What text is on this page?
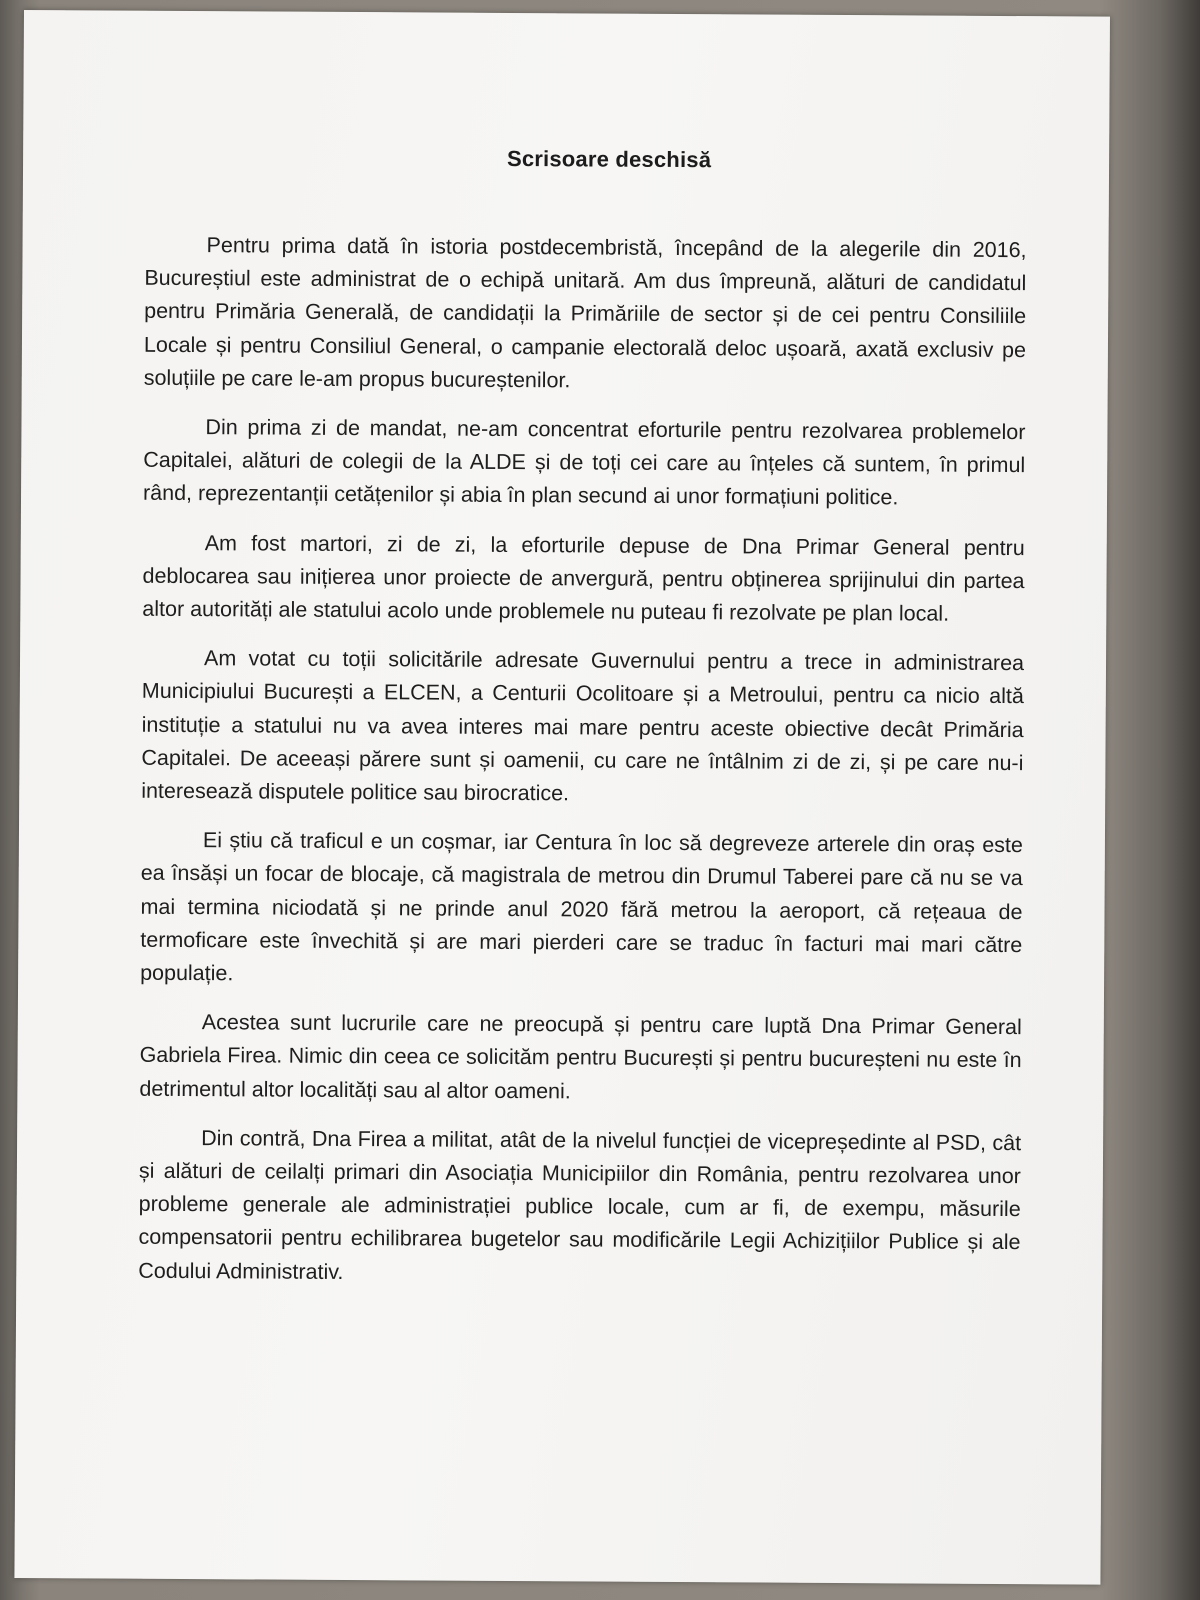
Scrisoare deschisă

Pentru prima dată în istoria postdecembristă, începând de la alegerile din 2016, Bucureștiul este administrat de o echipă unitară. Am dus împreună, alături de candidatul pentru Primăria Generală, de candidații la Primăriile de sector și de cei pentru Consiliile Locale și pentru Consiliul General, o campanie electorală deloc ușoară, axată exclusiv pe soluțiile pe care le-am propus bucureștenilor.

Din prima zi de mandat, ne-am concentrat eforturile pentru rezolvarea problemelor Capitalei, alături de colegii de la ALDE și de toți cei care au înțeles că suntem, în primul rând, reprezentanții cetățenilor și abia în plan secund ai unor formațiuni politice.

Am fost martori, zi de zi, la eforturile depuse de Dna Primar General pentru deblocarea sau inițierea unor proiecte de anvergură, pentru obținerea sprijinului din partea altor autorități ale statului acolo unde problemele nu puteau fi rezolvate pe plan local.

Am votat cu toții solicitările adresate Guvernului pentru a trece in administrarea Municipiului București a ELCEN, a Centurii Ocolitoare și a Metroului, pentru ca nicio altă instituție a statului nu va avea interes mai mare pentru aceste obiective decât Primăria Capitalei. De aceeași părere sunt și oamenii, cu care ne întâlnim zi de zi, și pe care nu-i interesează disputele politice sau birocratice.

Ei știu că traficul e un coșmar, iar Centura în loc să degreveze arterele din oraș este ea însăși un focar de blocaje, că magistrala de metrou din Drumul Taberei pare că nu se va mai termina niciodată și ne prinde anul 2020 fără metrou la aeroport, că rețeaua de termoficare este învechită și are mari pierderi care se traduc în facturi mai mari către populație.

Acestea sunt lucrurile care ne preocupă și pentru care luptă Dna Primar General Gabriela Firea. Nimic din ceea ce solicităm pentru București și pentru bucureșteni nu este în detrimentul altor localități sau al altor oameni.

Din contră, Dna Firea a militat, atât de la nivelul funcției de vicepreședinte al PSD, cât și alături de ceilalți primari din Asociația Municipiilor din România, pentru rezolvarea unor probleme generale ale administrației publice locale, cum ar fi, de exempu, măsurile compensatorii pentru echilibrarea bugetelor sau modificările Legii Achizițiilor Publice și ale Codului Administrativ.
